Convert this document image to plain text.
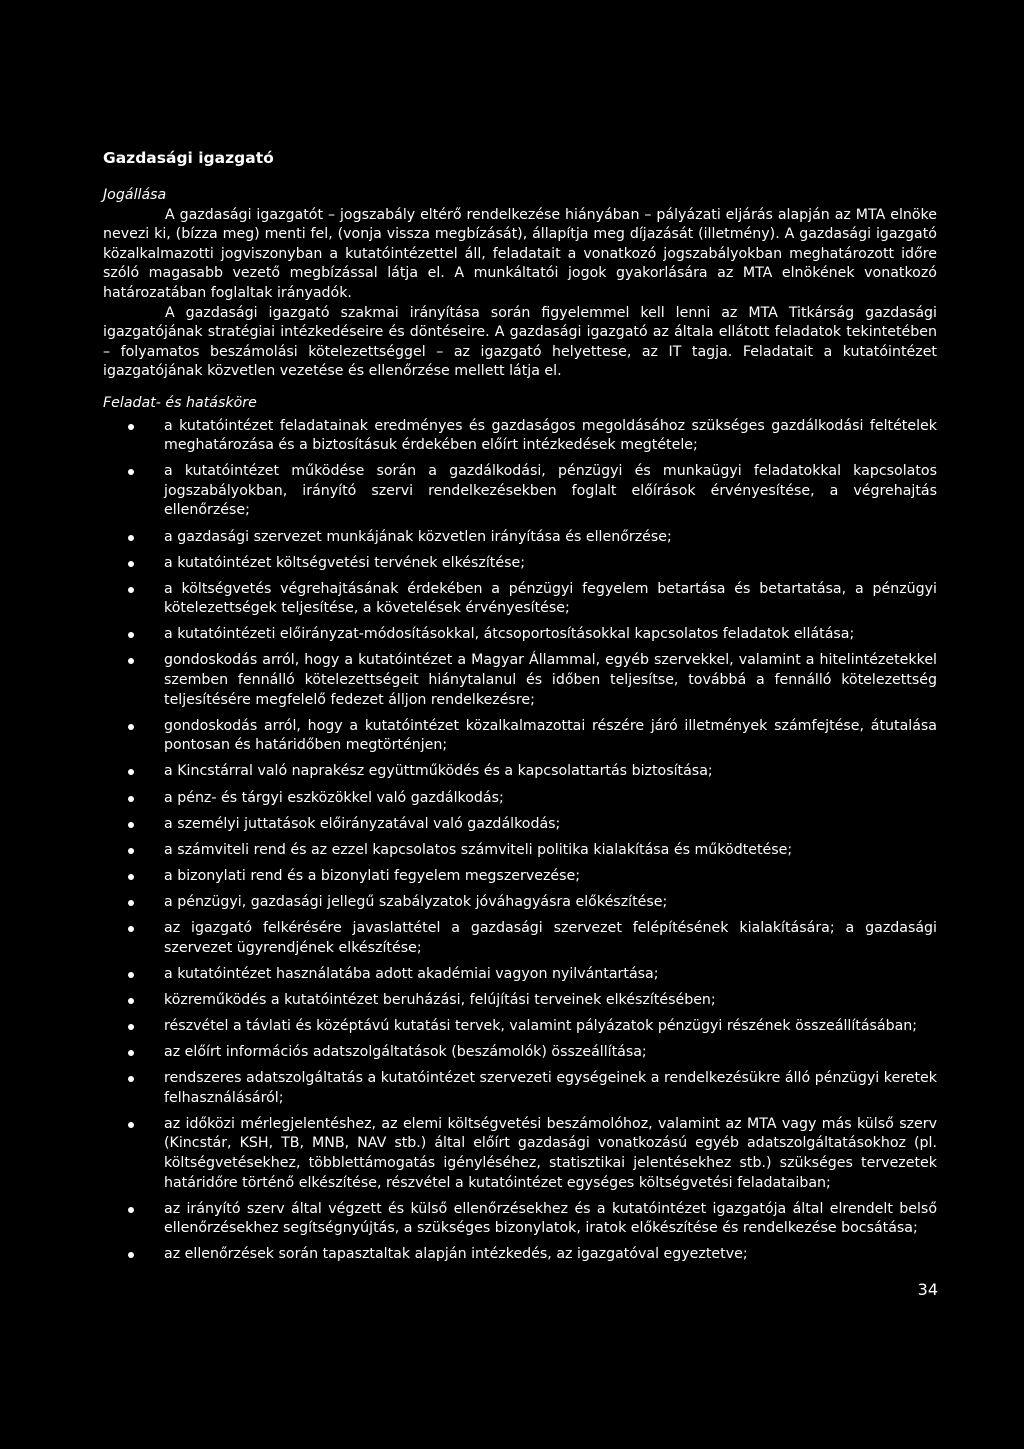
Gazdasági igazgató
Jogállása

A gazdasági igazgatót – jogszabály eltérő rendelkezése hiányában – pályázati eljárás alapján az MTA elnöke nevezi ki, (bízza meg) menti fel, (vonja vissza megbízását), állapítja meg díjazását (illetmény). A gazdasági igazgató közalkalmazotti jogviszonyban a kutatóintézettel áll, feladatait a vonatkozó jogszabályokban meghatározott időre szóló magasabb vezető megbízással látja el. A munkáltatói jogok gyakorlására az MTA elnökének vonatkozó határozatában foglaltak irányadók.

A gazdasági igazgató szakmai irányítása során figyelemmel kell lenni az MTA Titkárság gazdasági igazgatójának stratégiai intézkedéseire és döntéseire. A gazdasági igazgató az általa ellátott feladatok tekintetében – folyamatos beszámolási kötelezettséggel – az igazgató helyettese, az IT tagja. Feladatait a kutatóintézet igazgatójának közvetlen vezetése és ellenőrzése mellett látja el.

Feladat- és hatásköre
a kutatóintézet feladatainak eredményes és gazdaságos megoldásához szükséges gazdálkodási feltételek meghatározása és a biztosításuk érdekében előírt intézkedések megtétele;
a kutatóintézet működése során a gazdálkodási, pénzügyi és munkaügyi feladatokkal kapcsolatos jogszabályokban, irányító szervi rendelkezésekben foglalt előírások érvényesítése, a végrehajtás ellenőrzése;
a gazdasági szervezet munkájának közvetlen irányítása és ellenőrzése;
a kutatóintézet költségvetési tervének elkészítése;
a költségvetés végrehajtásának érdekében a pénzügyi fegyelem betartása és betartatása, a pénzügyi kötelezettségek teljesítése, a követelések érvényesítése;
a kutatóintézeti előirányzat-módosításokkal, átcsoportosításokkal kapcsolatos feladatok ellátása;
gondoskodás arról, hogy a kutatóintézet a Magyar Állammal, egyéb szervekkel, valamint a hitelintézetekkel szemben fennálló kötelezettségeit hiánytalanul és időben teljesítse, továbbá a fennálló kötelezettség teljesítésére megfelelő fedezet álljon rendelkezésre;
gondoskodás arról, hogy a kutatóintézet közalkalmazottai részére járó illetmények számfejtése, átutalása pontosan és határidőben megtörténjen;
a Kincstárral való naprakész együttműködés és a kapcsolattartás biztosítása;
a pénz- és tárgyi eszközökkel való gazdálkodás;
a személyi juttatások előirányzatával való gazdálkodás;
a számviteli rend és az ezzel kapcsolatos számviteli politika kialakítása és működtetése;
a bizonylati rend és a bizonylati fegyelem megszervezése;
a pénzügyi, gazdasági jellegű szabályzatok jóváhagyásra előkészítése;
az igazgató felkérésére javaslattétel a gazdasági szervezet felépítésének kialakítására; a gazdasági szervezet ügyrendjének elkészítése;
a kutatóintézet használatába adott akadémiai vagyon nyilvántartása;
közreműködés a kutatóintézet beruházási, felújítási terveinek elkészítésében;
részvétel a távlati és középtávú kutatási tervek, valamint pályázatok pénzügyi részének összeállításában;
az előírt információs adatszolgáltatások (beszámolók) összeállítása;
rendszeres adatszolgáltatás a kutatóintézet szervezeti egységeinek a rendelkezésükre álló pénzügyi keretek felhasználásáról;
az időközi mérlegjelentéshez, az elemi költségvetési beszámolóhoz, valamint az MTA vagy más külső szerv (Kincstár, KSH, TB, MNB, NAV stb.) által előírt gazdasági vonatkozású egyéb adatszolgáltatásokhoz (pl. költségvetésekhez, többlettámogatás igényléséhez, statisztikai jelentésekhez stb.) szükséges tervezetek határidőre történő elkészítése, részvétel a kutatóintézet egységes költségvetési feladataiban;
az irányító szerv által végzett és külső ellenőrzésekhez és a kutatóintézet igazgatója által elrendelt belső ellenőrzésekhez segítségnyújtás, a szükséges bizonylatok, iratok előkészítése és rendelkezése bocsátása;
az ellenőrzések során tapasztaltak alapján intézkedés, az igazgatóval egyeztetve;
34
